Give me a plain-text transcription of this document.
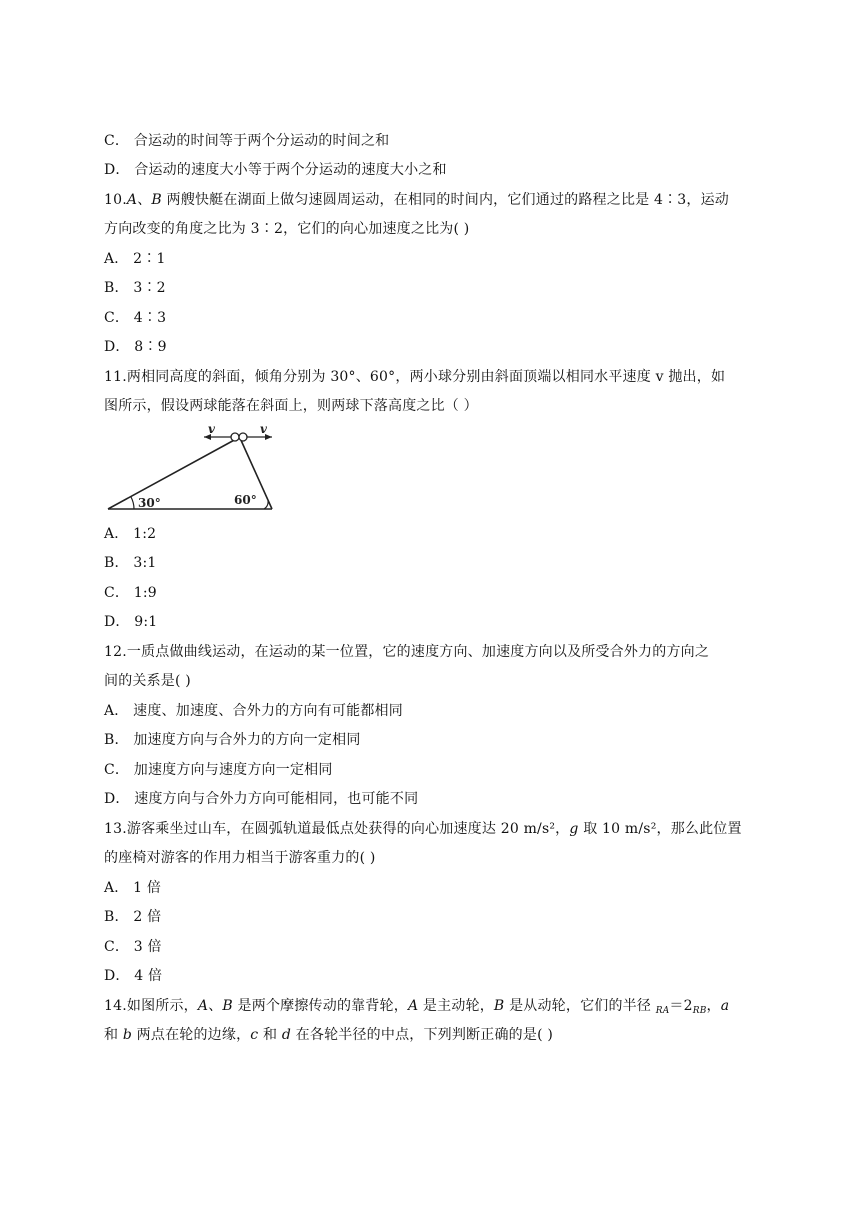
C． 合运动的时间等于两个分运动的时间之和
D． 合运动的速度大小等于两个分运动的速度大小之和
10.A、B 两艘快艇在湖面上做匀速圆周运动，在相同的时间内，它们通过的路程之比是 4∶3，运动
方向改变的角度之比为 3∶2，它们的向心加速度之比为( )
A． 2∶1
B． 3∶2
C． 4∶3
D． 8∶9
11.两相同高度的斜面，倾角分别为 30°、60°，两小球分别由斜面顶端以相同水平速度 v 抛出，如
图所示，假设两球能落在斜面上，则两球下落高度之比（ ）
v	v
30°	60°
A． 1:2
B． 3:1
C． 1:9
D． 9:1
12.一质点做曲线运动，在运动的某一位置，它的速度方向、加速度方向以及所受合外力的方向之
间的关系是( )
A． 速度、加速度、合外力的方向有可能都相同
B． 加速度方向与合外力的方向一定相同
C． 加速度方向与速度方向一定相同
D． 速度方向与合外力方向可能相同，也可能不同
13.游客乘坐过山车，在圆弧轨道最低点处获得的向心加速度达 20 m/s²，g 取 10 m/s²，那么此位置
的座椅对游客的作用力相当于游客重力的( )
A． 1 倍
B． 2 倍
C． 3 倍
D． 4 倍
14.如图所示，A、B 是两个摩擦传动的靠背轮，A 是主动轮，B 是从动轮，它们的半径 $_{RA}=2_{RB}$，a
和 b 两点在轮的边缘，c 和 d 在各轮半径的中点，下列判断正确的是( )
